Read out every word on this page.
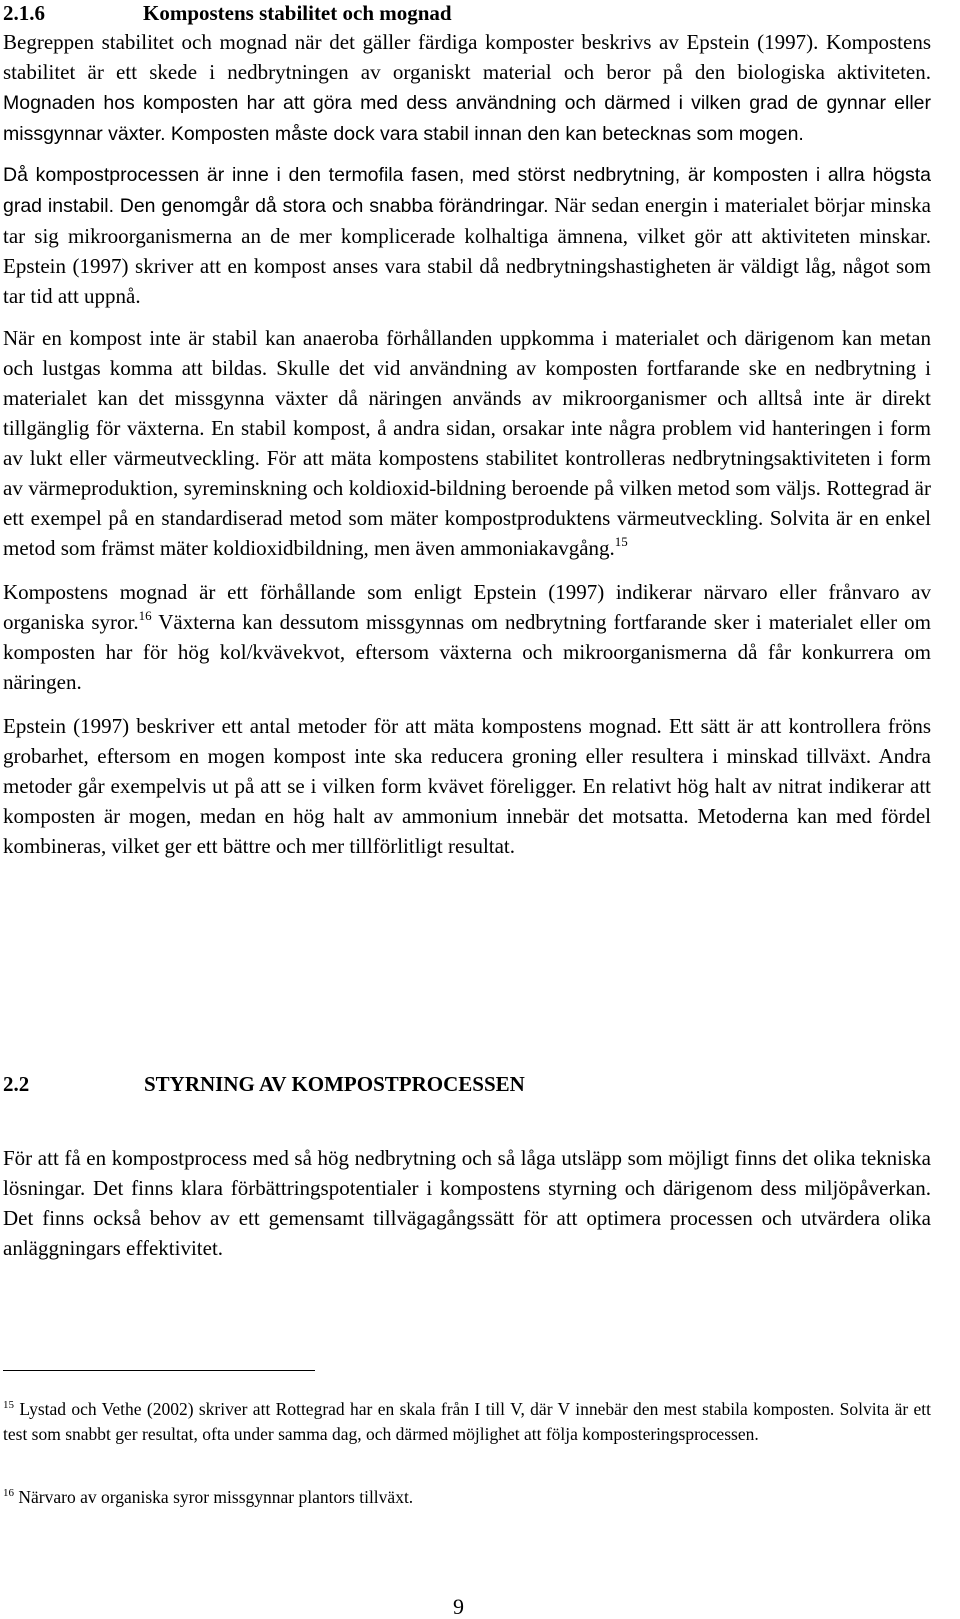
2.1.6	Kompostens stabilitet och mognad

Begreppen stabilitet och mognad när det gäller färdiga komposter beskrivs av Epstein (1997). Kompostens stabilitet är ett skede i nedbrytningen av organiskt material och beror på den biologiska aktiviteten. Mognaden hos komposten har att göra med dess användning och därmed i vilken grad de gynnar eller missgynnar växter. Komposten måste dock vara stabil innan den kan betecknas som mogen.

Då kompostprocessen är inne i den termofila fasen, med störst nedbrytning, är komposten i allra högsta grad instabil. Den genomgår då stora och snabba förändringar. När sedan energin i materialet börjar minska tar sig mikroorganismerna an de mer komplicerade kolhaltiga ämnena, vilket gör att aktiviteten minskar. Epstein (1997) skriver att en kompost anses vara stabil då nedbrytningshastigheten är väldigt låg, något som tar tid att uppnå.

När en kompost inte är stabil kan anaeroba förhållanden uppkomma i materialet och därigenom kan metan och lustgas komma att bildas. Skulle det vid användning av komposten fortfarande ske en nedbrytning i materialet kan det missgynna växter då näringen används av mikroorganismer och alltså inte är direkt tillgänglig för växterna. En stabil kompost, å andra sidan, orsakar inte några problem vid hanteringen i form av lukt eller värmeutveckling. För att mäta kompostens stabilitet kontrolleras nedbrytningsaktiviteten i form av värmeproduktion, syreminskning och koldioxid-bildning beroende på vilken metod som väljs. Rottegrad är ett exempel på en standardiserad metod som mäter kompostproduktens värmeutveckling. Solvita är en enkel metod som främst mäter koldioxidbildning, men även ammoniakavgång.$^{15}$

Kompostens mognad är ett förhållande som enligt Epstein (1997) indikerar närvaro eller frånvaro av organiska syror.$^{16}$ Växterna kan dessutom missgynnas om nedbrytning fortfarande sker i materialet eller om komposten har för hög kol/kvävekvot, eftersom växterna och mikroorganismerna då får konkurrera om näringen.

Epstein (1997) beskriver ett antal metoder för att mäta kompostens mognad. Ett sätt är att kontrollera fröns grobarhet, eftersom en mogen kompost inte ska reducera groning eller resultera i minskad tillväxt. Andra metoder går exempelvis ut på att se i vilken form kvävet föreligger. En relativt hög halt av nitrat indikerar att komposten är mogen, medan en hög halt av ammonium innebär det motsatta. Metoderna kan med fördel kombineras, vilket ger ett bättre och mer tillförlitligt resultat.

2.2	STYRNING AV KOMPOSTPROCESSEN

För att få en kompostprocess med så hög nedbrytning och så låga utsläpp som möjligt finns det olika tekniska lösningar. Det finns klara förbättringspotentialer i kompostens styrning och därigenom dess miljöpåverkan. Det finns också behov av ett gemensamt tillvägagångssätt för att optimera processen och utvärdera olika anläggningars effektivitet.

$^{15}$ Lystad och Vethe (2002) skriver att Rottegrad har en skala från I till V, där V innebär den mest stabila komposten. Solvita är ett test som snabbt ger resultat, ofta under samma dag, och därmed möjlighet att följa komposteringsprocessen.

$^{16}$ Närvaro av organiska syror missgynnar plantors tillväxt.

9
